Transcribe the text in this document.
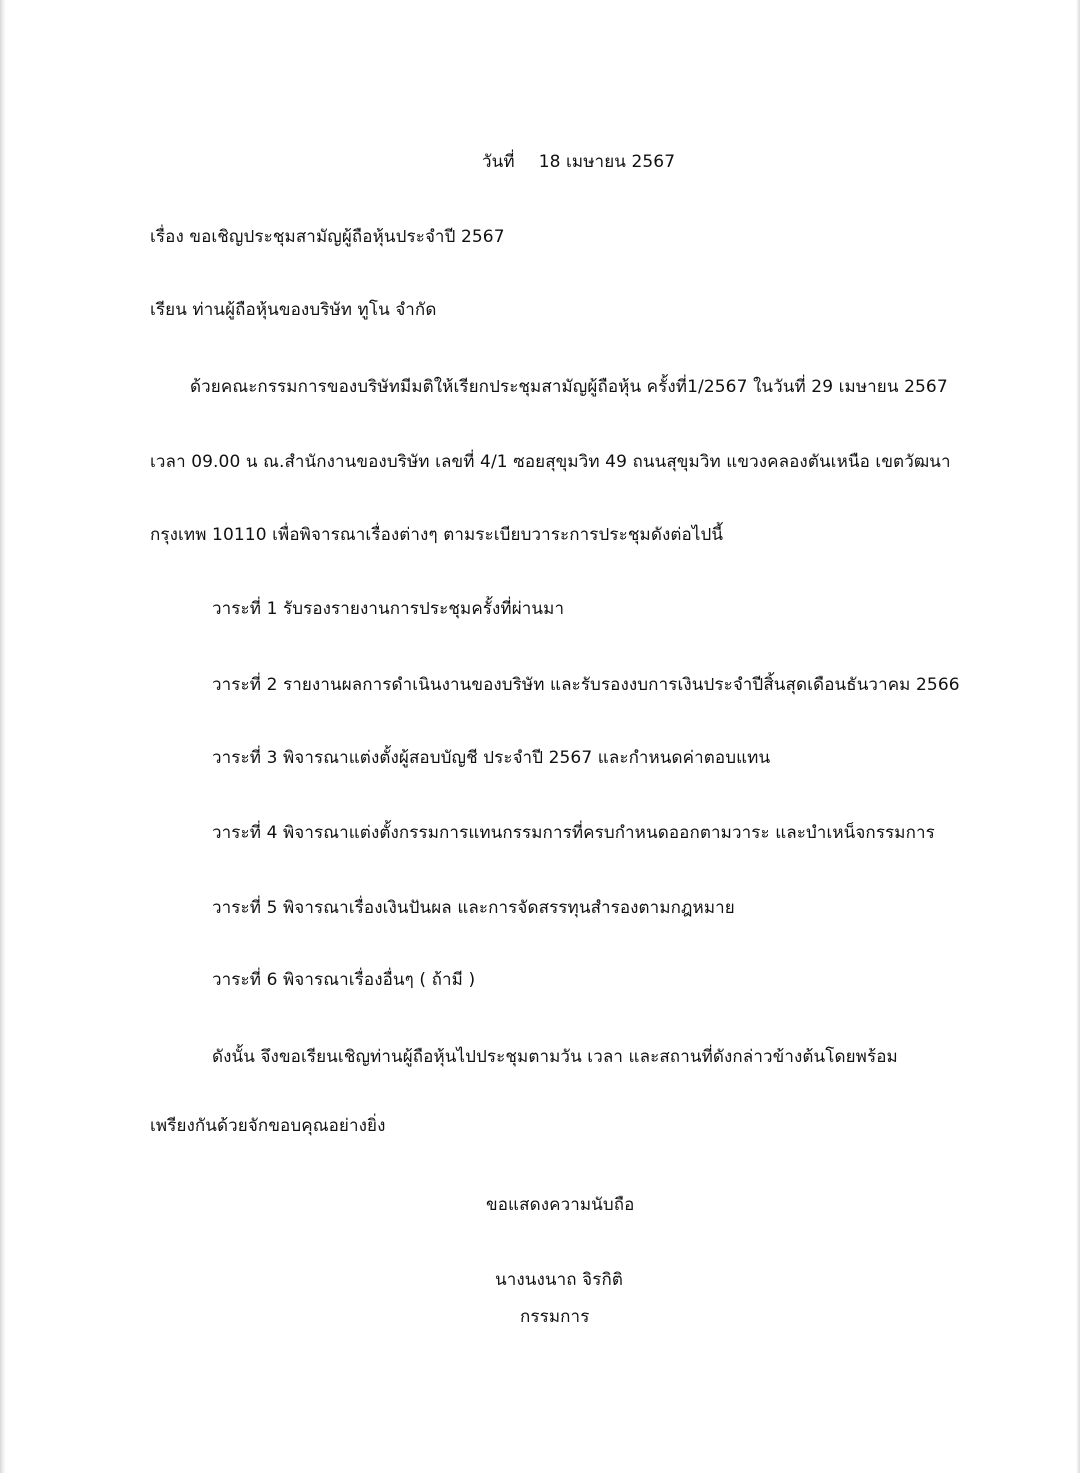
วันที่ 18 เมษายน 2567
เรื่อง ขอเชิญประชุมสามัญผู้ถือหุ้นประจำปี 2567
เรียน ท่านผู้ถือหุ้นของบริษัท ทูโน จำกัด
ด้วยคณะกรรมการของบริษัทมีมติให้เรียกประชุมสามัญผู้ถือหุ้น ครั้งที่1/2567 ในวันที่ 29 เมษายน 2567
เวลา 09.00 น ณ.สำนักงานของบริษัท เลขที่ 4/1 ซอยสุขุมวิท 49 ถนนสุขุมวิท แขวงคลองตันเหนือ เขตวัฒนา
กรุงเทพ 10110 เพื่อพิจารณาเรื่องต่างๆ ตามระเบียบวาระการประชุมดังต่อไปนี้
วาระที่ 1 รับรองรายงานการประชุมครั้งที่ผ่านมา
วาระที่ 2 รายงานผลการดำเนินงานของบริษัท และรับรองงบการเงินประจำปีสิ้นสุดเดือนธันวาคม 2566
วาระที่ 3 พิจารณาแต่งตั้งผู้สอบบัญชี ประจำปี 2567 และกำหนดค่าตอบแทน
วาระที่ 4 พิจารณาแต่งตั้งกรรมการแทนกรรมการที่ครบกำหนดออกตามวาระ และบำเหน็จกรรมการ
วาระที่ 5 พิจารณาเรื่องเงินปันผล และการจัดสรรทุนสำรองตามกฎหมาย
วาระที่ 6 พิจารณาเรื่องอื่นๆ ( ถ้ามี )
ดังนั้น จึงขอเรียนเชิญท่านผู้ถือหุ้นไปประชุมตามวัน เวลา และสถานที่ดังกล่าวข้างต้นโดยพร้อม
เพรียงกันด้วยจักขอบคุณอย่างยิ่ง
ขอแสดงความนับถือ
นางนงนาถ จิรกิติ
กรรมการ
